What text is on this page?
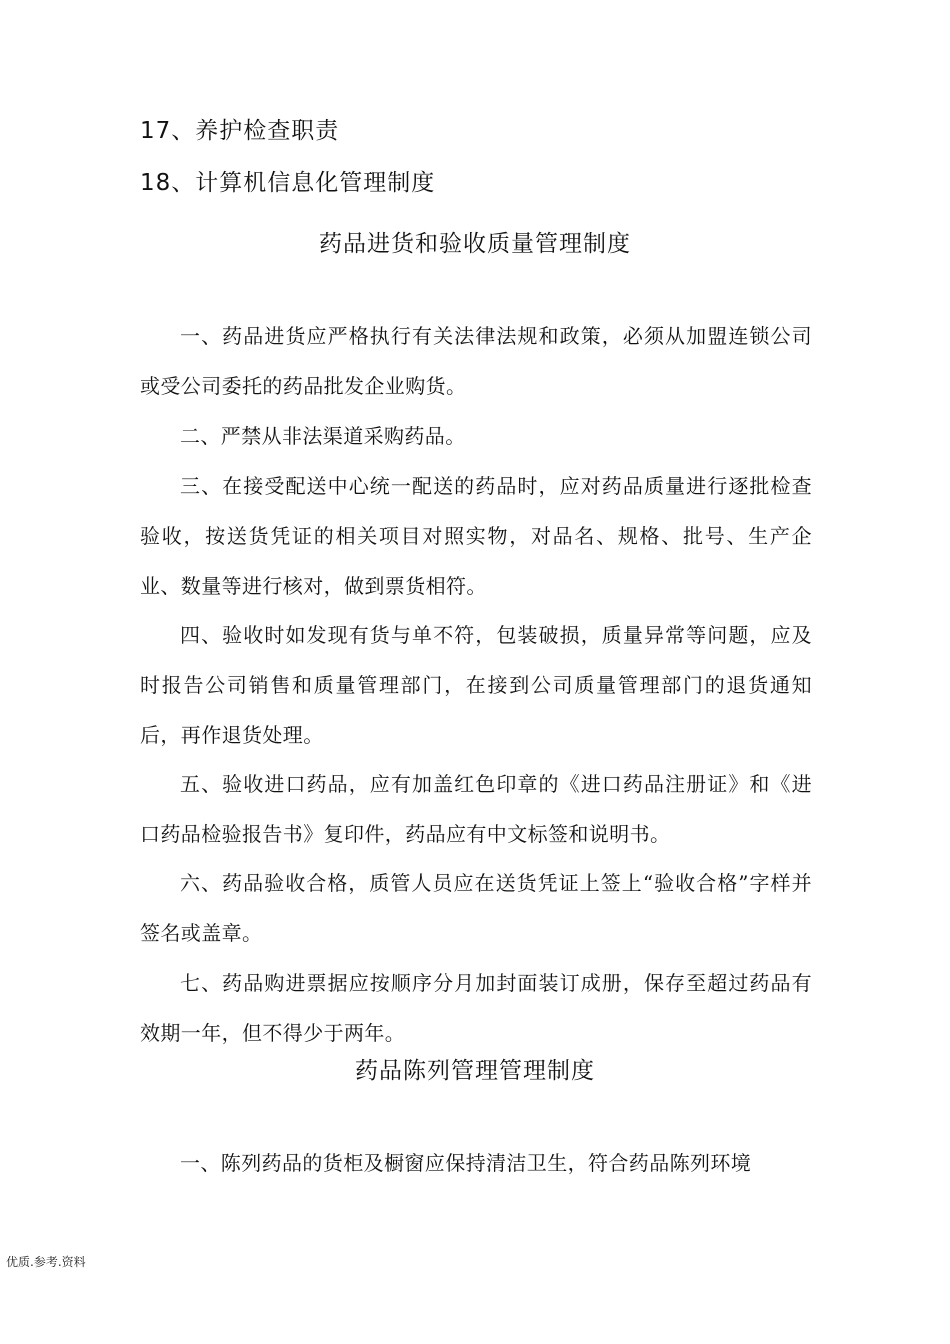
17、养护检查职责
18、计算机信息化管理制度
药品进货和验收质量管理制度
一、药品进货应严格执行有关法律法规和政策，必须从加盟连锁公司或受公司委托的药品批发企业购货。
二、严禁从非法渠道采购药品。
三、在接受配送中心统一配送的药品时，应对药品质量进行逐批检查验收，按送货凭证的相关项目对照实物，对品名、规格、批号、生产企业、数量等进行核对，做到票货相符。
四、验收时如发现有货与单不符，包装破损，质量异常等问题，应及时报告公司销售和质量管理部门，在接到公司质量管理部门的退货通知后，再作退货处理。
五、验收进口药品，应有加盖红色印章的《进口药品注册证》和《进口药品检验报告书》复印件，药品应有中文标签和说明书。
六、药品验收合格，质管人员应在送货凭证上签上“验收合格”字样并签名或盖章。
七、药品购进票据应按顺序分月加封面装订成册，保存至超过药品有效期一年，但不得少于两年。
药品陈列管理管理制度
一、陈列药品的货柜及橱窗应保持清洁卫生，符合药品陈列环境
优质.参考.资料
